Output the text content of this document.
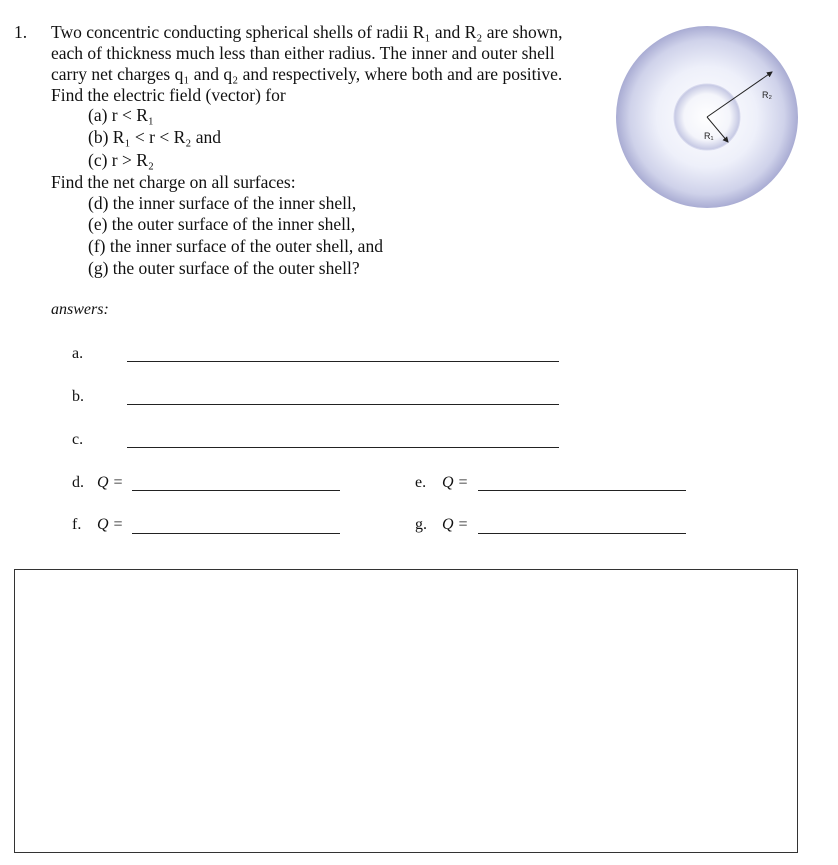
1. Two concentric conducting spherical shells of radii R₁ and R₂ are shown,
each of thickness much less than either radius. The inner and outer shell
carry net charges q₁ and q₂ and respectively, where both and are positive.
Find the electric field (vector) for
(a) r < R₁
(b) R₁ < r < R₂ and
(c) r > R₂
Find the net charge on all surfaces:
(d) the inner surface of the inner shell,
(e) the outer surface of the inner shell,
(f) the inner surface of the outer shell, and
(g) the outer surface of the outer shell?
R₂
R₁
answers:
a.
b.
c.
d. Q =	e. Q =
f. Q =	g. Q =
